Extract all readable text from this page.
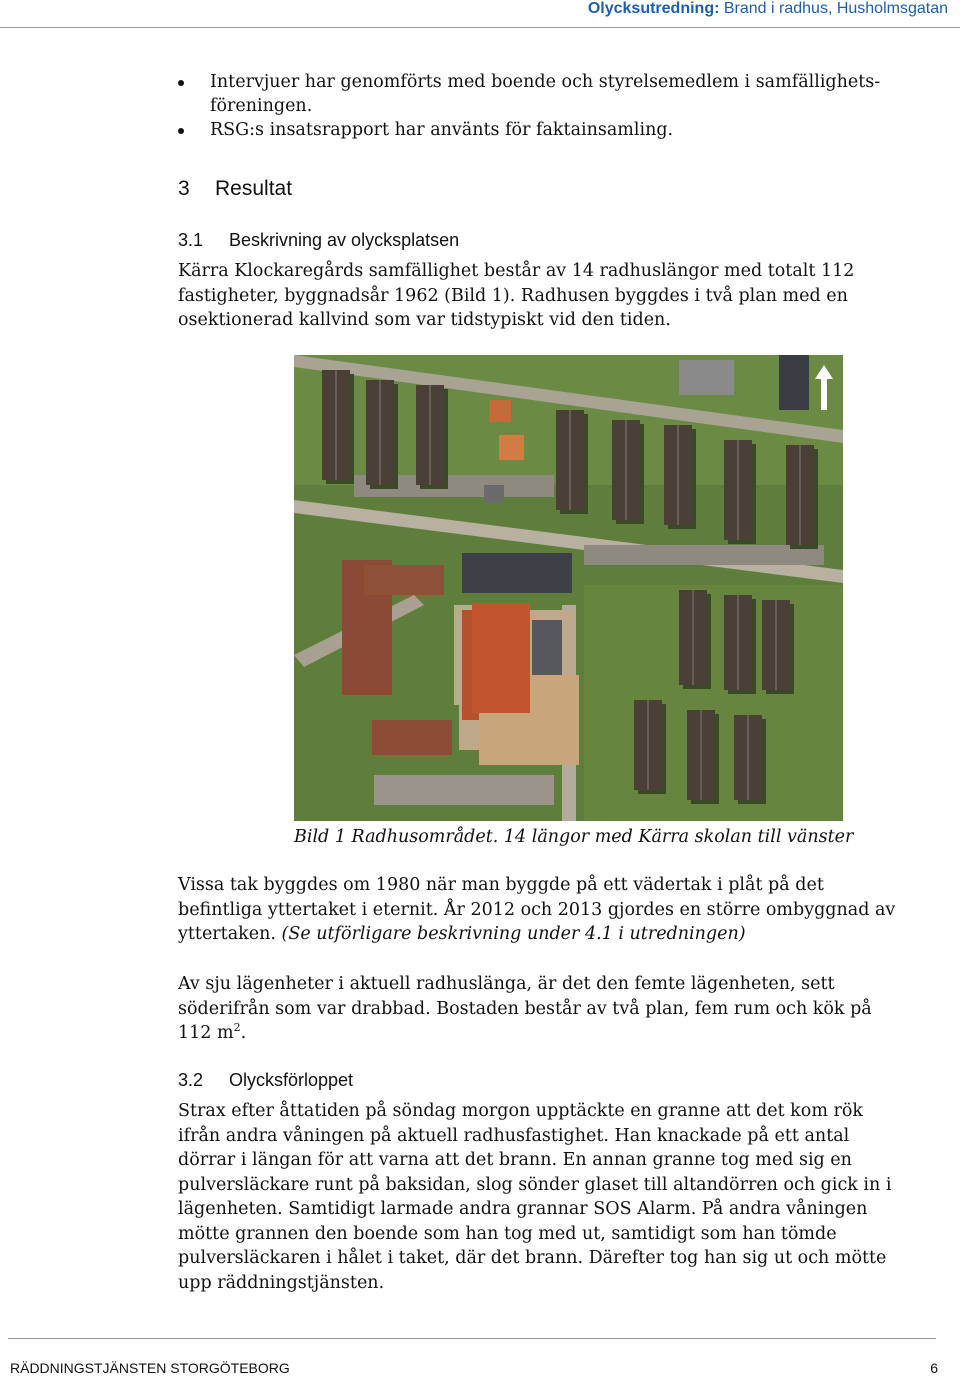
Olycksutredning: Brand i radhus, Husholmsgatan
Intervjuer har genomförts med boende och styrelsemedlem i samfällighets-föreningen.
RSG:s insatsrapport har använts för faktainsamling.
3 Resultat
3.1 Beskrivning av olycksplatsen

Kärra Klockaregårds samfällighet består av 14 radhuslängor med totalt 112 fastigheter, byggnadsår 1962 (Bild 1). Radhusen byggdes i två plan med en osektionerad kallvind som var tidstypiskt vid den tiden.

Bild 1 Radhusområdet. 14 längor med Kärra skolan till vänster

Vissa tak byggdes om 1980 när man byggde på ett vädertak i plåt på det befintliga yttertaket i eternit. År 2012 och 2013 gjordes en större ombyggnad av yttertaken. (Se utförligare beskrivning under 4.1 i utredningen)

Av sju lägenheter i aktuell radhuslänga, är det den femte lägenheten, sett söderifrån som var drabbad. Bostaden består av två plan, fem rum och kök på 112 $m^2$.

3.2 Olycksförloppet

Strax efter åttatiden på söndag morgon upptäckte en granne att det kom rök ifrån andra våningen på aktuell radhusfastighet. Han knackade på ett antal dörrar i längan för att varna att det brann. En annan granne tog med sig en pulversläckare runt på baksidan, slog sönder glaset till altandörren och gick in i lägenheten. Samtidigt larmade andra grannar SOS Alarm. På andra våningen mötte grannen den boende som han tog med ut, samtidigt som han tömde pulversläckaren i hålet i taket, där det brann. Därefter tog han sig ut och mötte upp räddningstjänsten.

RÄDDNINGSTJÄNSTEN STORGÖTEBORG	6
